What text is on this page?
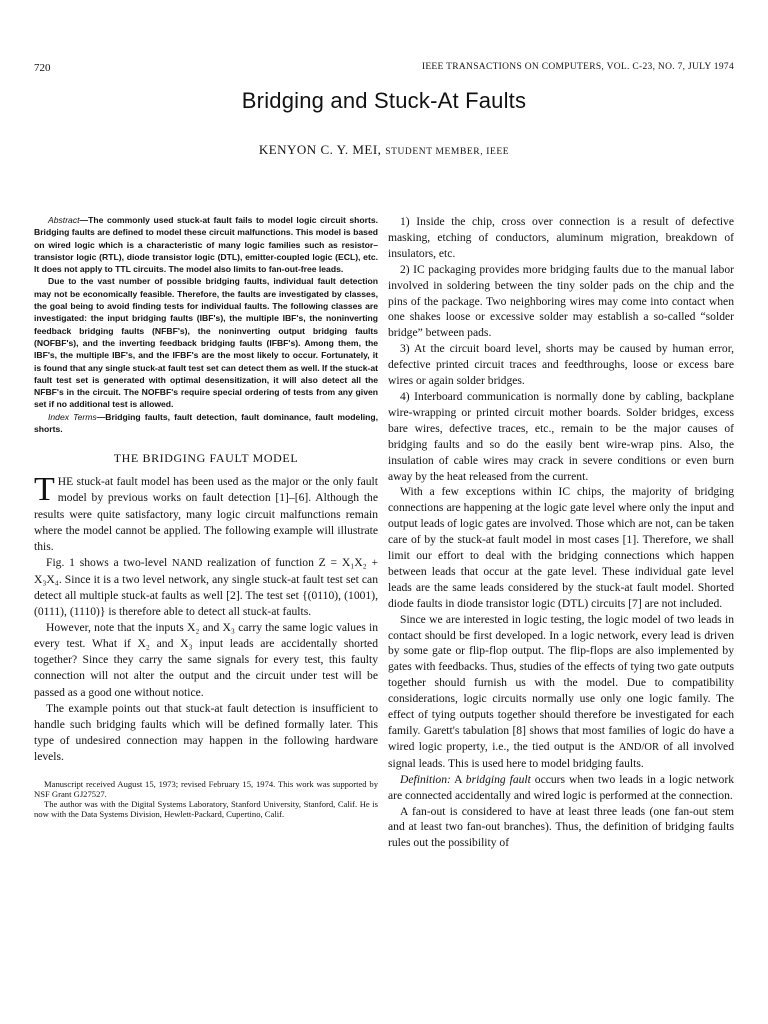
720	IEEE TRANSACTIONS ON COMPUTERS, VOL. C-23, NO. 7, JULY 1974
Bridging and Stuck-At Faults
KENYON C. Y. MEI, STUDENT MEMBER, IEEE

Abstract—The commonly used stuck-at fault fails to model logic circuit shorts. Bridging faults are defined to model these circuit malfunctions. This model is based on wired logic which is a characteristic of many logic families such as resistor–transistor logic (RTL), diode transistor logic (DTL), emitter-coupled logic (ECL), etc. It does not apply to TTL circuits. The model also limits to fan-out-free leads.

Due to the vast number of possible bridging faults, individual fault detection may not be economically feasible. Therefore, the faults are investigated by classes, the goal being to avoid finding tests for individual faults. The following classes are investigated: the input bridging faults (IBF's), the multiple IBF's, the noninverting feedback bridging faults (NFBF's), the noninverting output bridging faults (NOFBF's), and the inverting feedback bridging faults (IFBF's). Among them, the IBF's, the multiple IBF's, and the IFBF's are the most likely to occur. Fortunately, it is found that any single stuck-at fault test set can detect them as well. If the stuck-at fault test set is generated with optimal desensitization, it will also detect all the NFBF's in the circuit. The NOFBF's require special ordering of tests from any given set if no additional test is allowed.

Index Terms—Bridging faults, fault detection, fault dominance, fault modeling, shorts.

THE BRIDGING FAULT MODEL

THE stuck-at fault model has been used as the major or the only fault model by previous works on fault detection [1]–[6]. Although the results were quite satisfactory, many logic circuit malfunctions remain where the model cannot be applied. The following example will illustrate this.

Fig. 1 shows a two-level NAND realization of function Z = X₁X₂ + X₃X₄. Since it is a two level network, any single stuck-at fault test set can detect all multiple stuck-at faults as well [2]. The test set {(0110), (1001), (0111), (1110)} is therefore able to detect all stuck-at faults.

However, note that the inputs X₂ and X₃ carry the same logic values in every test. What if X₂ and X₃ input leads are accidentally shorted together? Since they carry the same signals for every test, this faulty connection will not alter the output and the circuit under test will be passed as a good one without notice.

The example points out that stuck-at fault detection is insufficient to handle such bridging faults which will be defined formally later. This type of undesired connection may happen in the following hardware levels.

Manuscript received August 15, 1973; revised February 15, 1974. This work was supported by NSF Grant GJ27527.

The author was with the Digital Systems Laboratory, Stanford University, Stanford, Calif. He is now with the Data Systems Division, Hewlett-Packard, Cupertino, Calif.

1) Inside the chip, cross over connection is a result of defective masking, etching of conductors, aluminum migration, breakdown of insulators, etc.

2) IC packaging provides more bridging faults due to the manual labor involved in soldering between the tiny solder pads on the chip and the pins of the package. Two neighboring wires may come into contact when one shakes loose or excessive solder may establish a so-called “solder bridge” between pads.

3) At the circuit board level, shorts may be caused by human error, defective printed circuit traces and feedthroughs, loose or excess bare wires or again solder bridges.

4) Interboard communication is normally done by cabling, backplane wire-wrapping or printed circuit mother boards. Solder bridges, excess bare wires, defective traces, etc., remain to be the major causes of bridging faults and so do the easily bent wire-wrap pins. Also, the insulation of cable wires may crack in severe conditions or even burn away by the heat released from the current.

With a few exceptions within IC chips, the majority of bridging connections are happening at the logic gate level where only the input and output leads of logic gates are involved. Those which are not, can be taken care of by the stuck-at fault model in most cases [1]. Therefore, we shall limit our effort to deal with the bridging connections which happen between leads that occur at the gate level. These individual gate level leads are the same leads considered by the stuck-at fault model. Shorted diode faults in diode transistor logic (DTL) circuits [7] are not included.

Since we are interested in logic testing, the logic model of two leads in contact should be first developed. In a logic network, every lead is driven by some gate or flip-flop output. The flip-flops are also implemented by gates with feedbacks. Thus, studies of the effects of tying two gate outputs together should furnish us with the model. Due to compatibility considerations, logic circuits normally use only one logic family. The effect of tying outputs together should therefore be investigated for each family. Garett's tabulation [8] shows that most families of logic do have a wired logic property, i.e., the tied output is the AND/OR of all involved signal leads. This is used here to model bridging faults.

Definition: A bridging fault occurs when two leads in a logic network are connected accidentally and wired logic is performed at the connection.

A fan-out is considered to have at least three leads (one fan-out stem and at least two fan-out branches). Thus, the definition of bridging faults rules out the possibility of
